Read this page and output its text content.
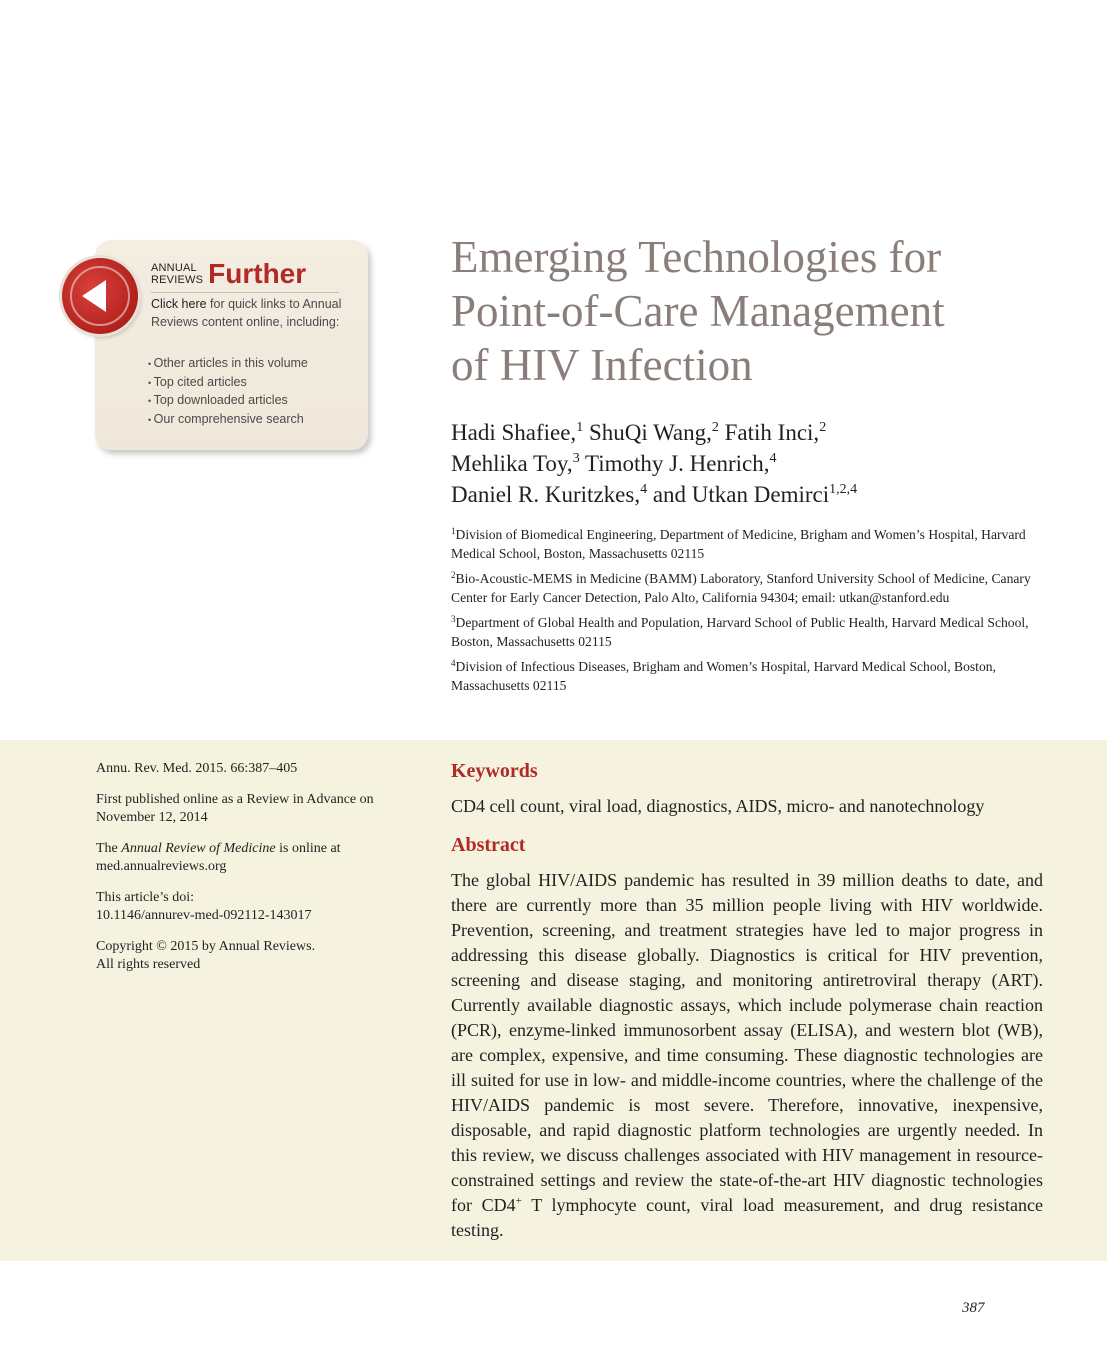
ANNUAL
REVIEWS Further
Click here for quick links to Annual Reviews content online, including:
• Other articles in this volume
• Top cited articles
• Top downloaded articles
• Our comprehensive search
Emerging Technologies for
Point-of-Care Management
of HIV Infection
Hadi Shafiee,$^1$ ShuQi Wang,$^2$ Fatih Inci,$^2$
Mehlika Toy,$^3$ Timothy J. Henrich,$^4$
Daniel R. Kuritzkes,$^4$ and Utkan Demirci$^{1,2,4}$

$^1$Division of Biomedical Engineering, Department of Medicine, Brigham and Women’s Hospital, Harvard Medical School, Boston, Massachusetts 02115

$^2$Bio-Acoustic-MEMS in Medicine (BAMM) Laboratory, Stanford University School of Medicine, Canary Center for Early Cancer Detection, Palo Alto, California 94304; email: utkan@stanford.edu

$^3$Department of Global Health and Population, Harvard School of Public Health, Harvard Medical School, Boston, Massachusetts 02115

$^4$Division of Infectious Diseases, Brigham and Women’s Hospital, Harvard Medical School, Boston, Massachusetts 02115

Annu. Rev. Med. 2015. 66:387–405

First published online as a Review in Advance on November 12, 2014

The Annual Review of Medicine is online at med.annualreviews.org

This article’s doi:
10.1146/annurev-med-092112-143017

Copyright © 2015 by Annual Reviews.
All rights reserved

Keywords
CD4 cell count, viral load, diagnostics, AIDS, micro- and nanotechnology
Abstract
The global HIV/AIDS pandemic has resulted in 39 million deaths to date, and there are currently more than 35 million people living with HIV worldwide. Prevention, screening, and treatment strategies have led to major progress in addressing this disease globally. Diagnostics is critical for HIV prevention, screening and disease staging, and monitoring antiretroviral therapy (ART). Currently available diagnostic assays, which include polymerase chain reaction (PCR), enzyme-linked immunosorbent assay (ELISA), and western blot (WB), are complex, expensive, and time consuming. These diagnostic technologies are ill suited for use in low- and middle-income countries, where the challenge of the HIV/AIDS pandemic is most severe. Therefore, innovative, inexpensive, disposable, and rapid diagnostic platform technologies are urgently needed. In this review, we discuss challenges associated with HIV management in resource-constrained settings and review the state-of-the-art HIV diagnostic technologies for CD4+ T lymphocyte count, viral load measurement, and drug resistance testing.
387
